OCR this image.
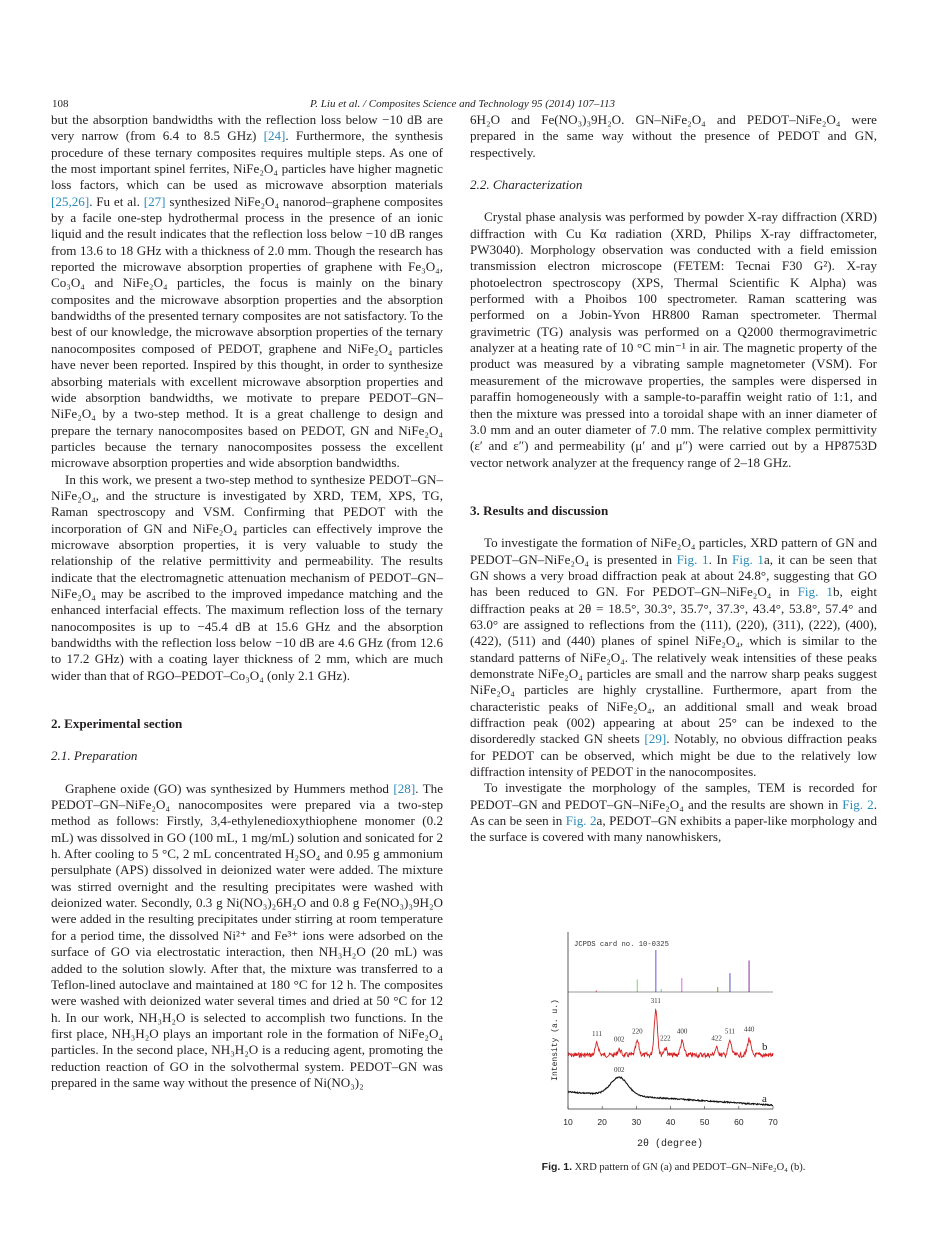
108	P. Liu et al. / Composites Science and Technology 95 (2014) 107–113

but the absorption bandwidths with the reflection loss below −10 dB are very narrow (from 6.4 to 8.5 GHz) [24]. Furthermore, the synthesis procedure of these ternary composites requires multiple steps. As one of the most important spinel ferrites, NiFe₂O₄ particles have higher magnetic loss factors, which can be used as microwave absorption materials [25,26]. Fu et al. [27] synthesized NiFe₂O₄ nanorod–graphene composites by a facile one-step hydrothermal process in the presence of an ionic liquid and the result indicates that the reflection loss below −10 dB ranges from 13.6 to 18 GHz with a thickness of 2.0 mm. Though the research has reported the microwave absorption properties of graphene with Fe₃O₄, Co₃O₄ and NiFe₂O₄ particles, the focus is mainly on the binary composites and the microwave absorption properties and the absorption bandwidths of the presented ternary composites are not satisfactory. To the best of our knowledge, the microwave absorption properties of the ternary nanocomposites composed of PEDOT, graphene and NiFe₂O₄ particles have never been reported. Inspired by this thought, in order to synthesize absorbing materials with excellent microwave absorption properties and wide absorption bandwidths, we motivate to prepare PEDOT–GN–NiFe₂O₄ by a two-step method. It is a great challenge to design and prepare the ternary nanocomposites based on PEDOT, GN and NiFe₂O₄ particles because the ternary nanocomposites possess the excellent microwave absorption properties and wide absorption bandwidths.

In this work, we present a two-step method to synthesize PEDOT–GN–NiFe₂O₄, and the structure is investigated by XRD, TEM, XPS, TG, Raman spectroscopy and VSM. Confirming that PEDOT with the incorporation of GN and NiFe₂O₄ particles can effectively improve the microwave absorption properties, it is very valuable to study the relationship of the relative permittivity and permeability. The results indicate that the electromagnetic attenuation mechanism of PEDOT–GN–NiFe₂O₄ may be ascribed to the improved impedance matching and the enhanced interfacial effects. The maximum reflection loss of the ternary nanocomposites is up to −45.4 dB at 15.6 GHz and the absorption bandwidths with the reflection loss below −10 dB are 4.6 GHz (from 12.6 to 17.2 GHz) with a coating layer thickness of 2 mm, which are much wider than that of RGO–PEDOT–Co₃O₄ (only 2.1 GHz).

2. Experimental section
2.1. Preparation

Graphene oxide (GO) was synthesized by Hummers method [28]. The PEDOT–GN–NiFe₂O₄ nanocomposites were prepared via a two-step method as follows: Firstly, 3,4-ethylenedioxythiophene monomer (0.2 mL) was dissolved in GO (100 mL, 1 mg/mL) solution and sonicated for 2 h. After cooling to 5 °C, 2 mL concentrated H₂SO₄ and 0.95 g ammonium persulphate (APS) dissolved in deionized water were added. The mixture was stirred overnight and the resulting precipitates were washed with deionized water. Secondly, 0.3 g Ni(NO₃)₂6H₂O and 0.8 g Fe(NO₃)₃9H₂O were added in the resulting precipitates under stirring at room temperature for a period time, the dissolved Ni²⁺ and Fe³⁺ ions were adsorbed on the surface of GO via electrostatic interaction, then NH₃H₂O (20 mL) was added to the solution slowly. After that, the mixture was transferred to a Teflon-lined autoclave and maintained at 180 °C for 12 h. The composites were washed with deionized water several times and dried at 50 °C for 12 h. In our work, NH₃H₂O is selected to accomplish two functions. In the first place, NH₃H₂O plays an important role in the formation of NiFe₂O₄ particles. In the second place, NH₃H₂O is a reducing agent, promoting the reduction reaction of GO in the solvothermal system. PEDOT–GN was prepared in the same way without the presence of Ni(NO₃)₂

6H₂O and Fe(NO₃)₃9H₂O. GN–NiFe₂O₄ and PEDOT–NiFe₂O₄ were prepared in the same way without the presence of PEDOT and GN, respectively.

2.2. Characterization

Crystal phase analysis was performed by powder X-ray diffraction (XRD) diffraction with Cu Kα radiation (XRD, Philips X-ray diffractometer, PW3040). Morphology observation was conducted with a field emission transmission electron microscope (FETEM: Tecnai F30 G²). X-ray photoelectron spectroscopy (XPS, Thermal Scientific K Alpha) was performed with a Phoibos 100 spectrometer. Raman scattering was performed on a Jobin-Yvon HR800 Raman spectrometer. Thermal gravimetric (TG) analysis was performed on a Q2000 thermogravimetric analyzer at a heating rate of 10 °C min⁻¹ in air. The magnetic property of the product was measured by a vibrating sample magnetometer (VSM). For measurement of the microwave properties, the samples were dispersed in paraffin homogeneously with a sample-to-paraffin weight ratio of 1:1, and then the mixture was pressed into a toroidal shape with an inner diameter of 3.0 mm and an outer diameter of 7.0 mm. The relative complex permittivity (ε′ and ε″) and permeability (μ′ and μ″) were carried out by a HP8753D vector network analyzer at the frequency range of 2–18 GHz.

3. Results and discussion

To investigate the formation of NiFe₂O₄ particles, XRD pattern of GN and PEDOT–GN–NiFe₂O₄ is presented in Fig. 1. In Fig. 1a, it can be seen that GN shows a very broad diffraction peak at about 24.8°, suggesting that GO has been reduced to GN. For PEDOT–GN–NiFe₂O₄ in Fig. 1b, eight diffraction peaks at 2θ = 18.5°, 30.3°, 35.7°, 37.3°, 43.4°, 53.8°, 57.4° and 63.0° are assigned to reflections from the (111), (220), (311), (222), (400), (422), (511) and (440) planes of spinel NiFe₂O₄, which is similar to the standard patterns of NiFe₂O₄. The relatively weak intensities of these peaks demonstrate NiFe₂O₄ particles are small and the narrow sharp peaks suggest NiFe₂O₄ particles are highly crystalline. Furthermore, apart from the characteristic peaks of NiFe₂O₄, an additional small and weak broad diffraction peak (002) appearing at about 25° can be indexed to the disorderedly stacked GN sheets [29]. Notably, no obvious diffraction peaks for PEDOT can be observed, which might be due to the relatively low diffraction intensity of PEDOT in the nanocomposites.

To investigate the morphology of the samples, TEM is recorded for PEDOT–GN and PEDOT–GN–NiFe₂O₄ and the results are shown in Fig. 2. As can be seen in Fig. 2a, PEDOT–GN exhibits a paper-like morphology and the surface is covered with many nanowhiskers,

JCPDS card no. 10-0325
10	20	30	40	50	60	70
111
002
220
311
222
400
422
511 440
002
b
a
2θ (degree)
Intensity (a. u.)
Fig. 1. XRD pattern of GN (a) and PEDOT–GN–NiFe₂O₄ (b).
